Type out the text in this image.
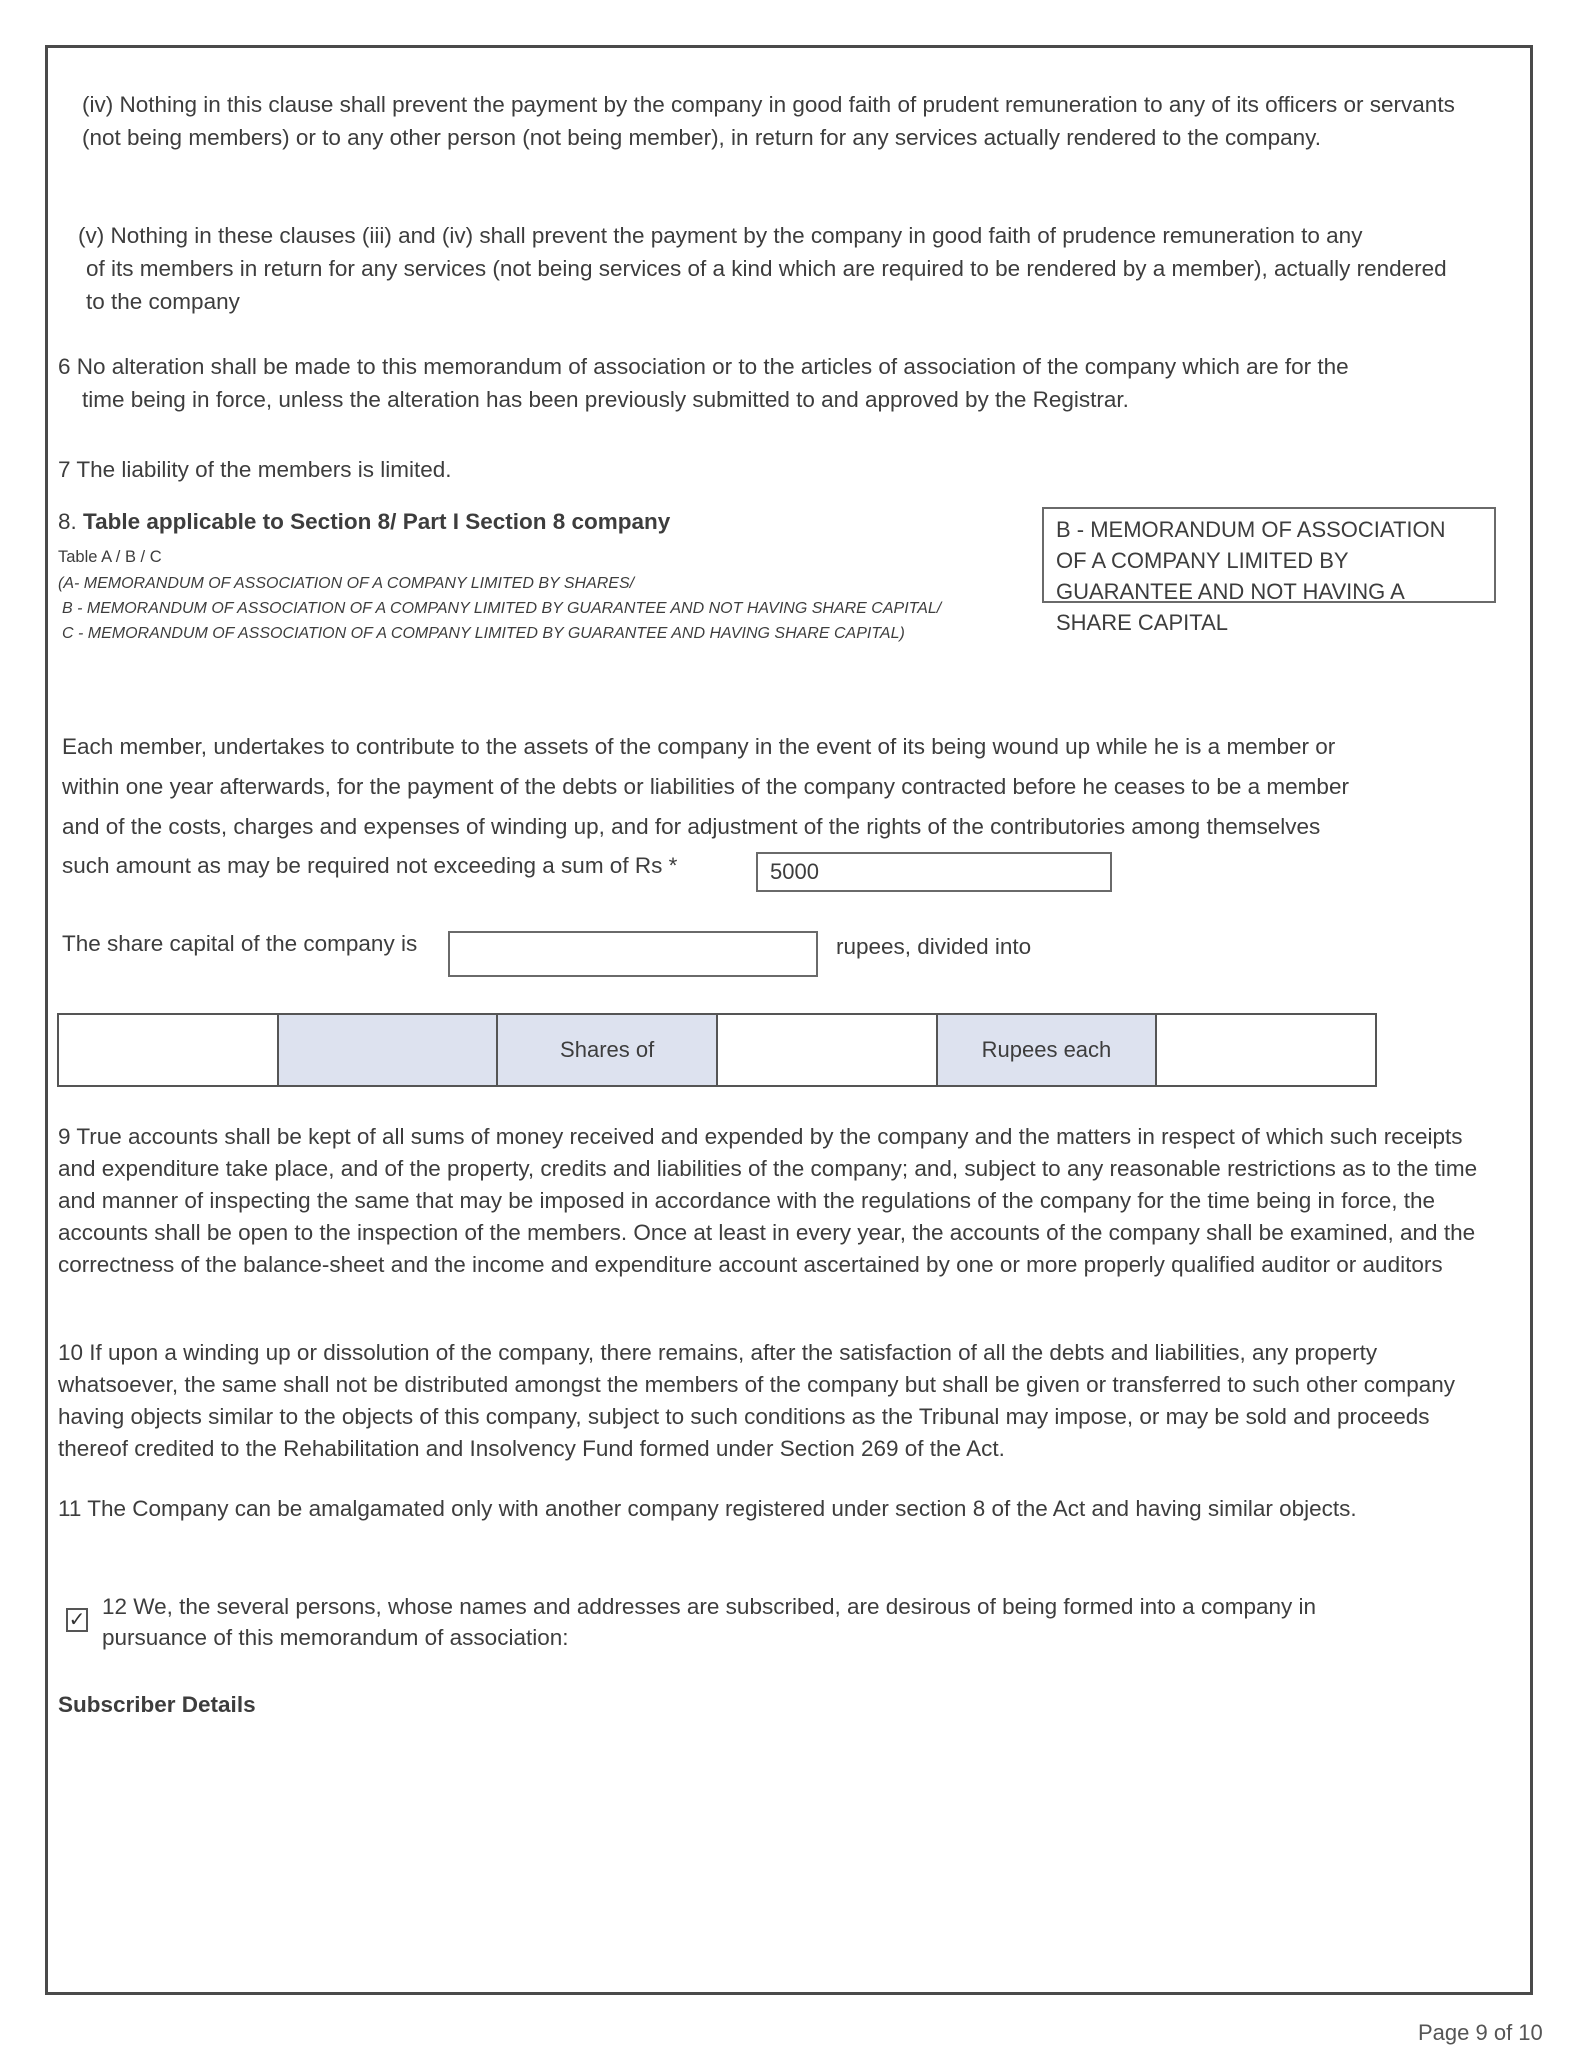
(iv) Nothing in this clause shall prevent the payment by the company in good faith of prudent remuneration to any of its officers or servants (not being members) or to any other person (not being member), in return for any services actually rendered to the company.

(v) Nothing in these clauses (iii) and (iv) shall prevent the payment by the company in good faith of prudence remuneration to any

of its members in return for any services (not being services of a kind which are required to be rendered by a member), actually rendered to the company

6 No alteration shall be made to this memorandum of association or to the articles of association of the company which are for the

time being in force, unless the alteration has been previously submitted to and approved by the Registrar.

7 The liability of the members is limited.

8. Table applicable to Section 8/ Part I Section 8 company

Table A / B / C

(A- MEMORANDUM OF ASSOCIATION OF A COMPANY LIMITED BY SHARES/

B - MEMORANDUM OF ASSOCIATION OF A COMPANY LIMITED BY GUARANTEE AND NOT HAVING SHARE CAPITAL/

C - MEMORANDUM OF ASSOCIATION OF A COMPANY LIMITED BY GUARANTEE AND HAVING SHARE CAPITAL)

B - MEMORANDUM OF ASSOCIATION OF A COMPANY LIMITED BY GUARANTEE AND NOT HAVING A SHARE CAPITAL

Each member, undertakes to contribute to the assets of the company in the event of its being wound up while he is a member or

within one year afterwards, for the payment of the debts or liabilities of the company contracted before he ceases to be a member

and of the costs, charges and expenses of winding up, and for adjustment of the rights of the contributories among themselves

such amount as may be required not exceeding a sum of Rs *	5000

The share capital of the company is	rupees, divided into

		Shares of		Rupees each	

9 True accounts shall be kept of all sums of money received and expended by the company and the matters in respect of which such receipts and expenditure take place, and of the property, credits and liabilities of the company; and, subject to any reasonable restrictions as to the time and manner of inspecting the same that may be imposed in accordance with the regulations of the company for the time being in force, the accounts shall be open to the inspection of the members. Once at least in every year, the accounts of the company shall be examined, and the correctness of the balance-sheet and the income and expenditure account ascertained by one or more properly qualified auditor or auditors

10 If upon a winding up or dissolution of the company, there remains, after the satisfaction of all the debts and liabilities, any property whatsoever, the same shall not be distributed amongst the members of the company but shall be given or transferred to such other company having objects similar to the objects of this company, subject to such conditions as the Tribunal may impose, or may be sold and proceeds thereof credited to the Rehabilitation and Insolvency Fund formed under Section 269 of the Act.

11 The Company can be amalgamated only with another company registered under section 8 of the Act and having similar objects.

✓

12 We, the several persons, whose names and addresses are subscribed, are desirous of being formed into a company in pursuance of this memorandum of association:

Subscriber Details

Page 9 of 10
